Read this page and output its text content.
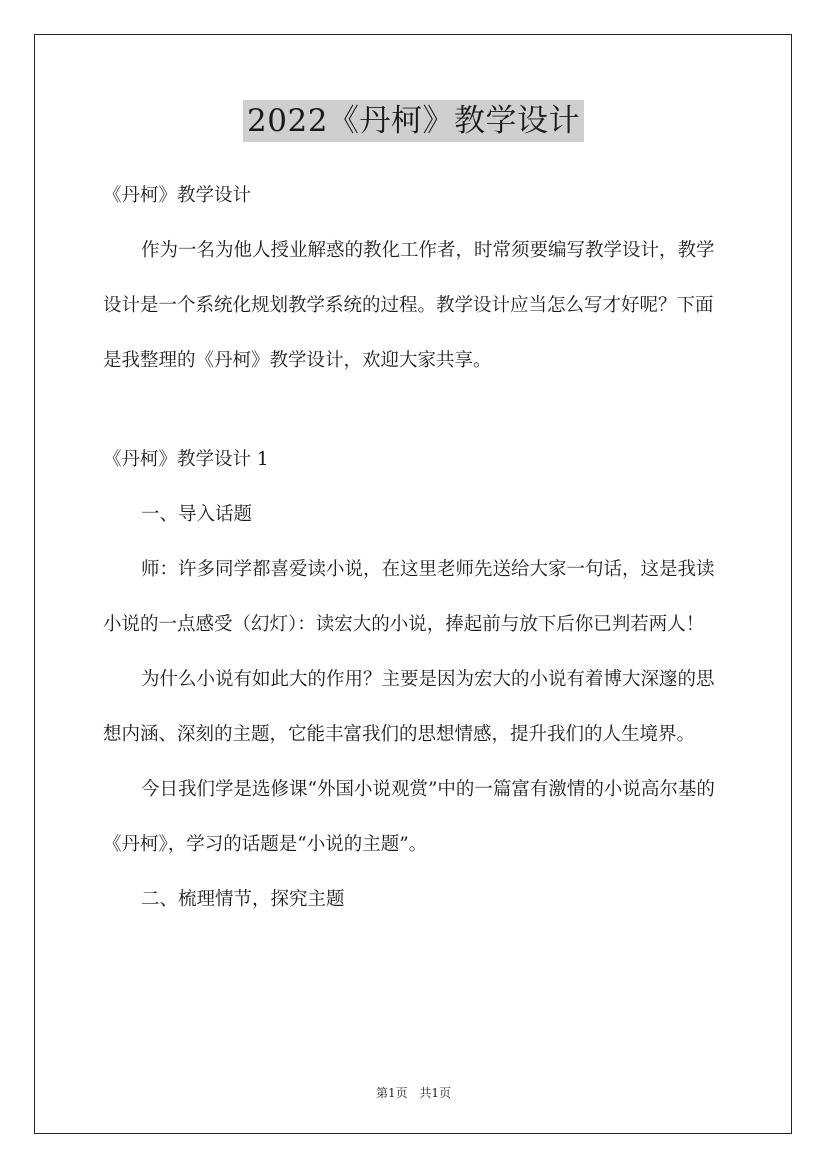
2022《丹柯》教学设计

《丹柯》教学设计

作为一名为他人授业解惑的教化工作者，时常须要编写教学设计，教学设计是一个系统化规划教学系统的过程。教学设计应当怎么写才好呢？下面是我整理的《丹柯》教学设计，欢迎大家共享。

《丹柯》教学设计 1

一、导入话题

师：许多同学都喜爱读小说，在这里老师先送给大家一句话，这是我读小说的一点感受（幻灯）：读宏大的小说，捧起前与放下后你已判若两人！

为什么小说有如此大的作用？主要是因为宏大的小说有着博大深邃的思想内涵、深刻的主题，它能丰富我们的思想情感，提升我们的人生境界。

今日我们学是选修课“外国小说观赏”中的一篇富有激情的小说高尔基的《丹柯》，学习的话题是“小说的主题”。

二、梳理情节，探究主题

第1页 共1页
